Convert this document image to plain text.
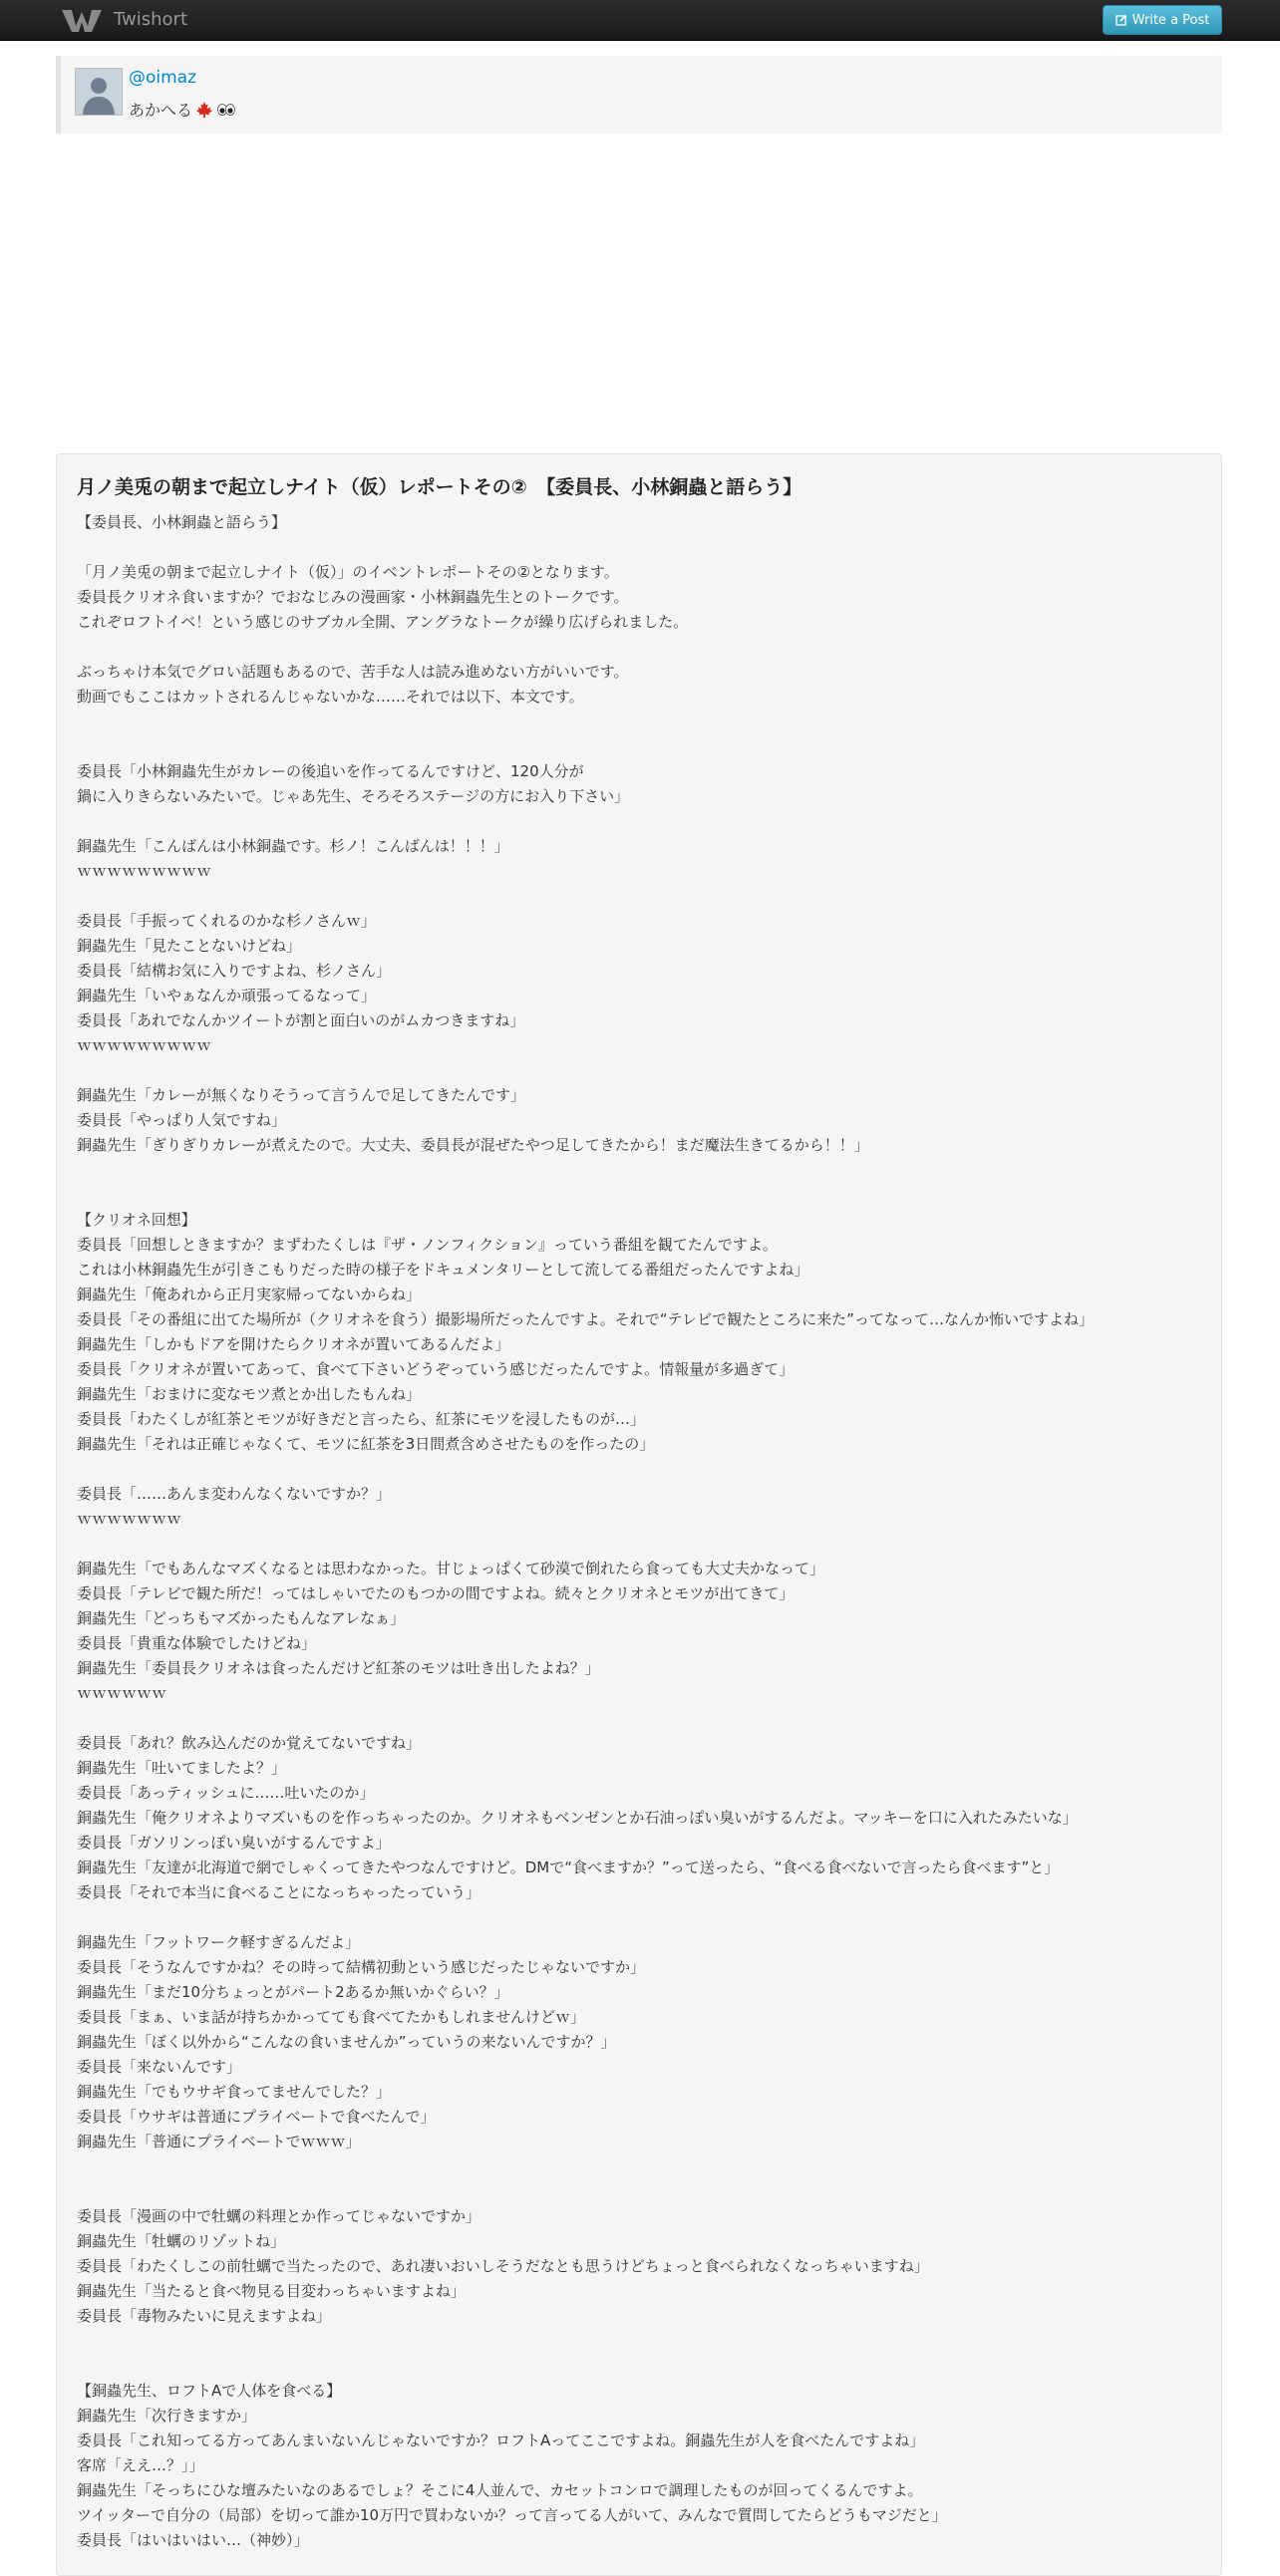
Twishort	Write a Post
@oimaz
あかへる
月ノ美兎の朝まで起立しナイト（仮）レポートその②　【委員長、小林銅蟲と語らう】
【委員長、小林銅蟲と語らう】
「月ノ美兎の朝まで起立しナイト（仮）」のイベントレポートその②となります。
委員長クリオネ食いますか？でおなじみの漫画家・小林銅蟲先生とのトークです。
これぞロフトイベ！という感じのサブカル全開、アングラなトークが繰り広げられました。
ぶっちゃけ本気でグロい話題もあるので、苦手な人は読み進めない方がいいです。
動画でもここはカットされるんじゃないかな……それでは以下、本文です。
委員長「小林銅蟲先生がカレーの後追いを作ってるんですけど、120人分が
鍋に入りきらないみたいで。じゃあ先生、そろそろステージの方にお入り下さい」
銅蟲先生「こんばんは小林銅蟲です。杉ノ！こんばんは！！！」
ｗｗｗｗｗｗｗｗｗ
委員長「手振ってくれるのかな杉ノさんｗ」
銅蟲先生「見たことないけどね」
委員長「結構お気に入りですよね、杉ノさん」
銅蟲先生「いやぁなんか頑張ってるなって」
委員長「あれでなんかツイートが割と面白いのがムカつきますね」
ｗｗｗｗｗｗｗｗｗ
銅蟲先生「カレーが無くなりそうって言うんで足してきたんです」
委員長「やっぱり人気ですね」
銅蟲先生「ぎりぎりカレーが煮えたので。大丈夫、委員長が混ぜたやつ足してきたから！まだ魔法生きてるから！！」
【クリオネ回想】
委員長「回想しときますか？まずわたくしは『ザ・ノンフィクション』っていう番組を観てたんですよ。
これは小林銅蟲先生が引きこもりだった時の様子をドキュメンタリーとして流してる番組だったんですよね」
銅蟲先生「俺あれから正月実家帰ってないからね」
委員長「その番組に出てた場所が（クリオネを食う）撮影場所だったんですよ。それで“テレビで観たところに来た”ってなって…なんか怖いですよね」
銅蟲先生「しかもドアを開けたらクリオネが置いてあるんだよ」
委員長「クリオネが置いてあって、食べて下さいどうぞっていう感じだったんですよ。情報量が多過ぎて」
銅蟲先生「おまけに変なモツ煮とか出したもんね」
委員長「わたくしが紅茶とモツが好きだと言ったら、紅茶にモツを浸したものが…」
銅蟲先生「それは正確じゃなくて、モツに紅茶を3日間煮含めさせたものを作ったの」
委員長「……あんま変わんなくないですか？」
ｗｗｗｗｗｗｗ
銅蟲先生「でもあんなマズくなるとは思わなかった。甘じょっぱくて砂漠で倒れたら食っても大丈夫かなって」
委員長「テレビで観た所だ！ってはしゃいでたのもつかの間ですよね。続々とクリオネとモツが出てきて」
銅蟲先生「どっちもマズかったもんなアレなぁ」
委員長「貴重な体験でしたけどね」
銅蟲先生「委員長クリオネは食ったんだけど紅茶のモツは吐き出したよね？」
ｗｗｗｗｗｗ
委員長「あれ？飲み込んだのか覚えてないですね」
銅蟲先生「吐いてましたよ？」
委員長「あっティッシュに……吐いたのか」
銅蟲先生「俺クリオネよりマズいものを作っちゃったのか。クリオネもベンゼンとか石油っぽい臭いがするんだよ。マッキーを口に入れたみたいな」
委員長「ガソリンっぽい臭いがするんですよ」
銅蟲先生「友達が北海道で網でしゃくってきたやつなんですけど。DMで“食べますか？”って送ったら、“食べる食べないで言ったら食べます”と」
委員長「それで本当に食べることになっちゃったっていう」
銅蟲先生「フットワーク軽すぎるんだよ」
委員長「そうなんですかね？その時って結構初動という感じだったじゃないですか」
銅蟲先生「まだ10分ちょっとがパート2あるか無いかぐらい？」
委員長「まぁ、いま話が持ちかかってても食べてたかもしれませんけどｗ」
銅蟲先生「ぼく以外から“こんなの食いませんか”っていうの来ないんですか？」
委員長「来ないんです」
銅蟲先生「でもウサギ食ってませんでした？」
委員長「ウサギは普通にプライベートで食べたんで」
銅蟲先生「普通にプライベートでｗｗｗ」
委員長「漫画の中で牡蠣の料理とか作ってじゃないですか」
銅蟲先生「牡蠣のリゾットね」
委員長「わたくしこの前牡蠣で当たったので、あれ凄いおいしそうだなとも思うけどちょっと食べられなくなっちゃいますね」
銅蟲先生「当たると食べ物見る目変わっちゃいますよね」
委員長「毒物みたいに見えますよね」
【銅蟲先生、ロフトAで人体を食べる】
銅蟲先生「次行きますか」
委員長「これ知ってる方ってあんまいないんじゃないですか？ロフトAってここですよね。銅蟲先生が人を食べたんですよね」
客席「ええ…？」」
銅蟲先生「そっちにひな壇みたいなのあるでしょ？そこに4人並んで、カセットコンロで調理したものが回ってくるんですよ。
ツイッターで自分の（局部）を切って誰か10万円で買わないか？って言ってる人がいて、みんなで質問してたらどうもマジだと」
委員長「はいはいはい…（神妙）」
